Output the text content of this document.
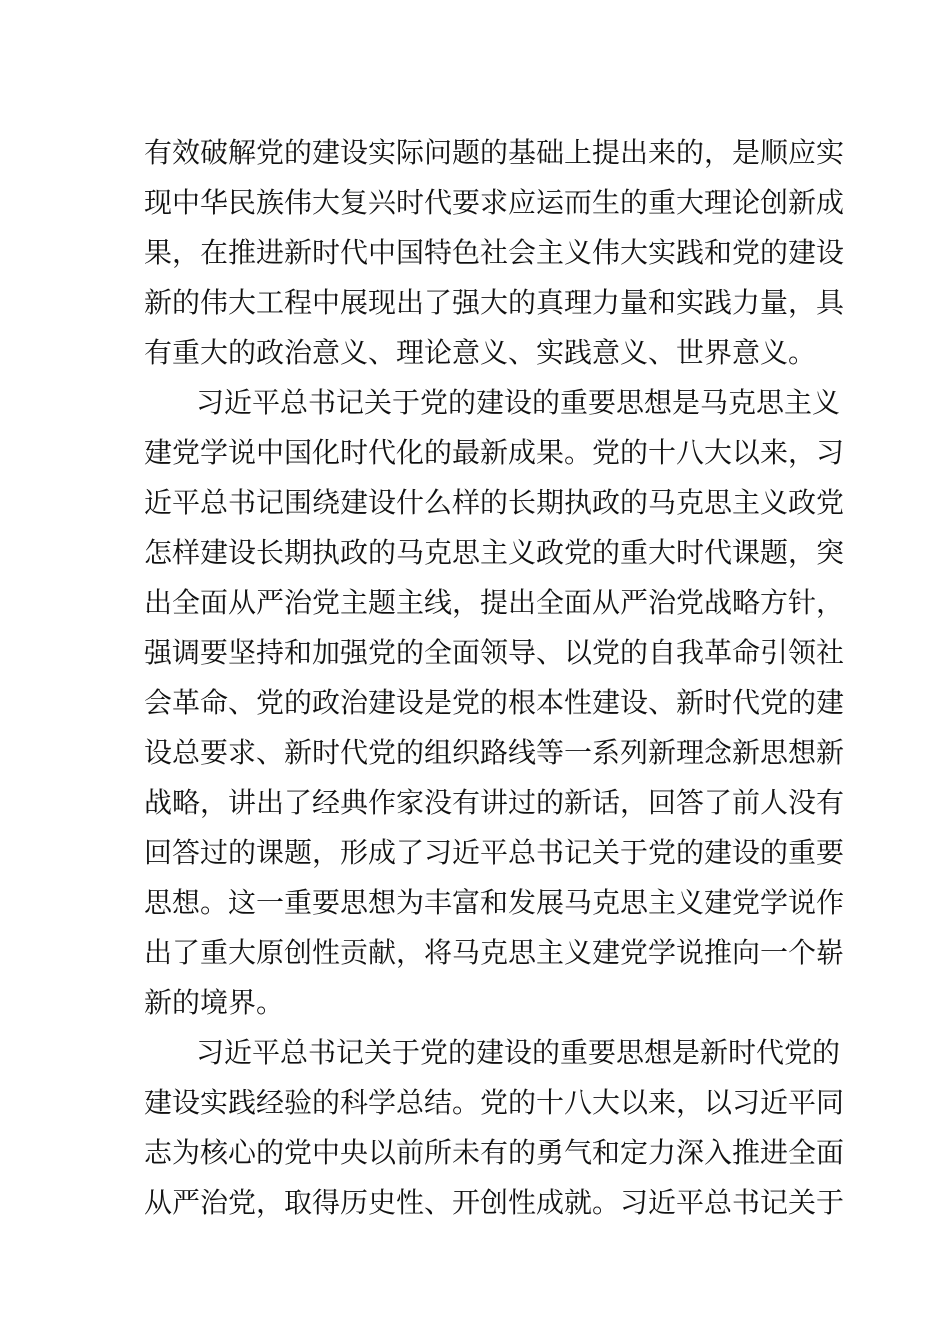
有效破解党的建设实际问题的基础上提出来的，是顺应实
现中华民族伟大复兴时代要求应运而生的重大理论创新成
果，在推进新时代中国特色社会主义伟大实践和党的建设
新的伟大工程中展现出了强大的真理力量和实践力量，具
有重大的政治意义、理论意义、实践意义、世界意义。
习近平总书记关于党的建设的重要思想是马克思主义
建党学说中国化时代化的最新成果。党的十八大以来，习
近平总书记围绕建设什么样的长期执政的马克思主义政党
怎样建设长期执政的马克思主义政党的重大时代课题，突
出全面从严治党主题主线，提出全面从严治党战略方针，
强调要坚持和加强党的全面领导、以党的自我革命引领社
会革命、党的政治建设是党的根本性建设、新时代党的建
设总要求、新时代党的组织路线等一系列新理念新思想新
战略，讲出了经典作家没有讲过的新话，回答了前人没有
回答过的课题，形成了习近平总书记关于党的建设的重要
思想。这一重要思想为丰富和发展马克思主义建党学说作
出了重大原创性贡献，将马克思主义建党学说推向一个崭
新的境界。
习近平总书记关于党的建设的重要思想是新时代党的
建设实践经验的科学总结。党的十八大以来，以习近平同
志为核心的党中央以前所未有的勇气和定力深入推进全面
从严治党，取得历史性、开创性成就。习近平总书记关于
